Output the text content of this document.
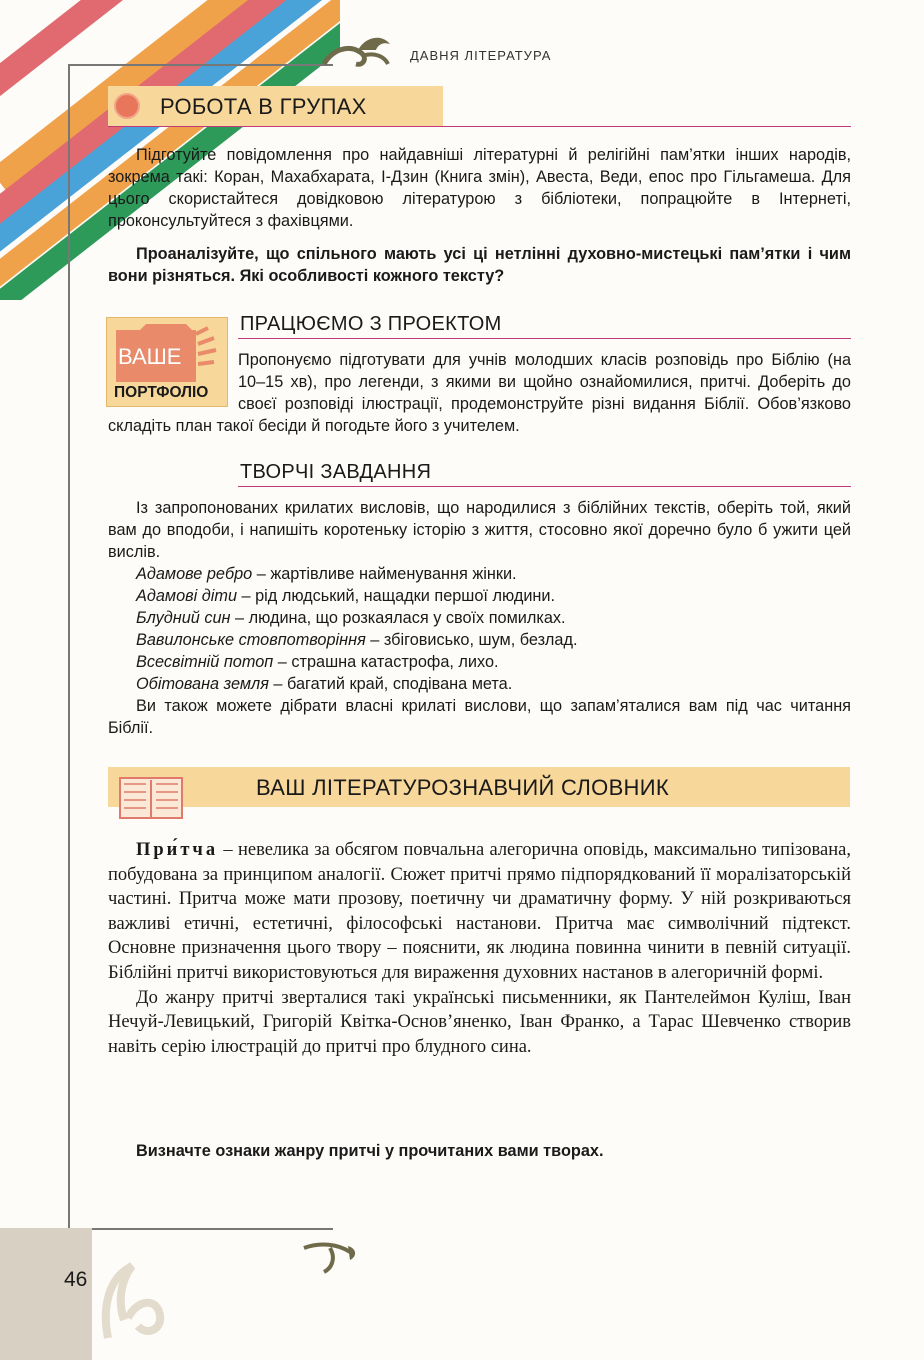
ДАВНЯ ЛІТЕРАТУРА
РОБОТА В ГРУПАХ
Підготуйте повідомлення про найдавніші літературні й релігійні пам’ятки інших народів, зокрема такі: Коран, Махабхарата, І-Дзин (Книга змін), Авеста, Веди, епос про Гільгамеша. Для цього скористайтеся довідковою літературою з бібліотеки, попрацюйте в Інтернеті, проконсультуйтеся з фахівцями.
Проаналізуйте, що спільного мають усі ці нетлінні духовно-мистецькі пам’ятки і чим вони різняться. Які особливості кожного тексту?
ВАШЕ
ПОРТФОЛІО
ПРАЦЮЄМО З ПРОЕКТОМ
Пропонуємо підготувати для учнів молодших класів розповідь про Біблію (на 10–15 хв), про легенди, з якими ви щойно ознайомилися, притчі. Доберіть до своєї розповіді ілюстрації, продемонструйте різні видання Біблії. Обов’язково складіть план такої бесіди й погодьте його з учителем.
ТВОРЧІ ЗАВДАННЯ

Із запропонованих крилатих висловів, що народилися з біблійних текстів, оберіть той, який вам до вподоби, і напишіть коротеньку історію з життя, стосовно якої доречно було б ужити цей вислів.

Адамове ребро – жартівливе найменування жінки.

Адамові діти – рід людський, нащадки першої людини.

Блудний син – людина, що розкаялася у своїх помилках.

Вавилонське стовпотворіння – збіговисько, шум, безлад.

Всесвітній потоп – страшна катастрофа, лихо.

Обітована земля – багатий край, сподівана мета.

Ви також можете дібрати власні крилаті вислови, що запам’яталися вам під час читання Біблії.

ВАШ ЛІТЕРАТУРОЗНАВЧИЙ СЛОВНИК

При́тча – невелика за обсягом повчальна алегорична оповідь, максимально типізована, побудована за принципом аналогії. Сюжет притчі прямо підпорядкований її моралізаторській частині. Притча може мати прозову, поетичну чи драматичну форму. У ній розкриваються важливі етичні, естетичні, філософські настанови. Притча має символічний підтекст. Основне призначення цього твору – пояснити, як людина повинна чинити в певній ситуації. Біблійні притчі використовуються для вираження духовних настанов в алегоричній формі.

До жанру притчі зверталися такі українські письменники, як Пантелеймон Куліш, Іван Нечуй-Левицький, Григорій Квітка-Основ’яненко, Іван Франко, а Тарас Шевченко створив навіть серію ілюстрацій до притчі про блудного сина.

Визначте ознаки жанру притчі у прочитаних вами творах.
46
